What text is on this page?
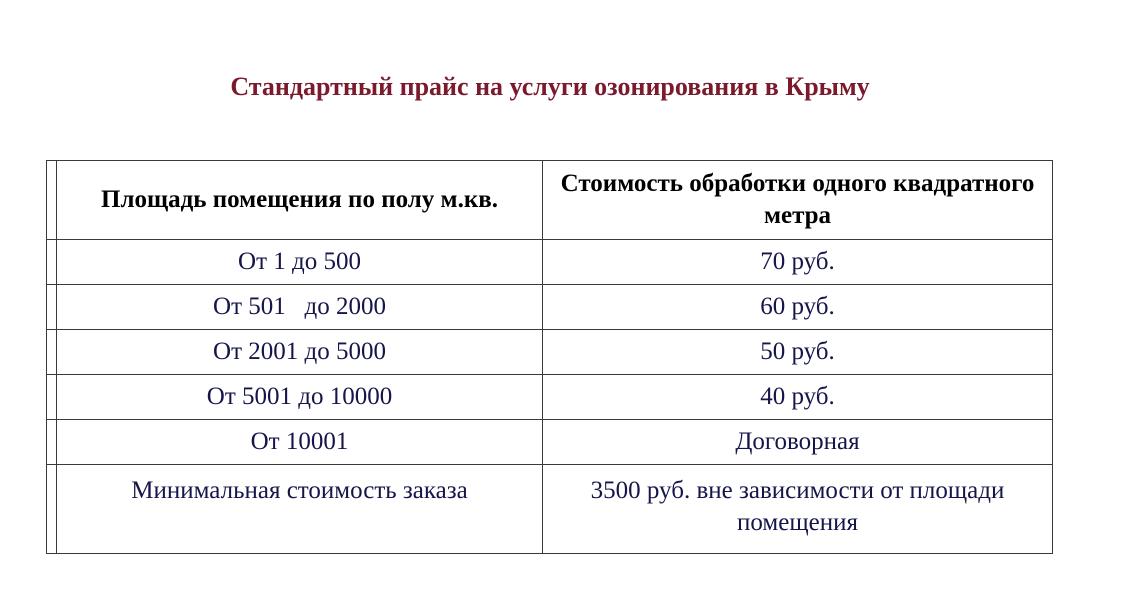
Стандартный прайс на услуги озонирования в Крыму
	Площадь помещения по полу м.кв.	Стоимость обработки одного квадратного метра
	От 1 до 500	70 руб.
	От 501   до 2000	60 руб.
	От 2001 до 5000	50 руб.
	От 5001 до 10000	40 руб.
	От 10001	Договорная
	Минимальная стоимость заказа	3500 руб. вне зависимости от площади помещения
